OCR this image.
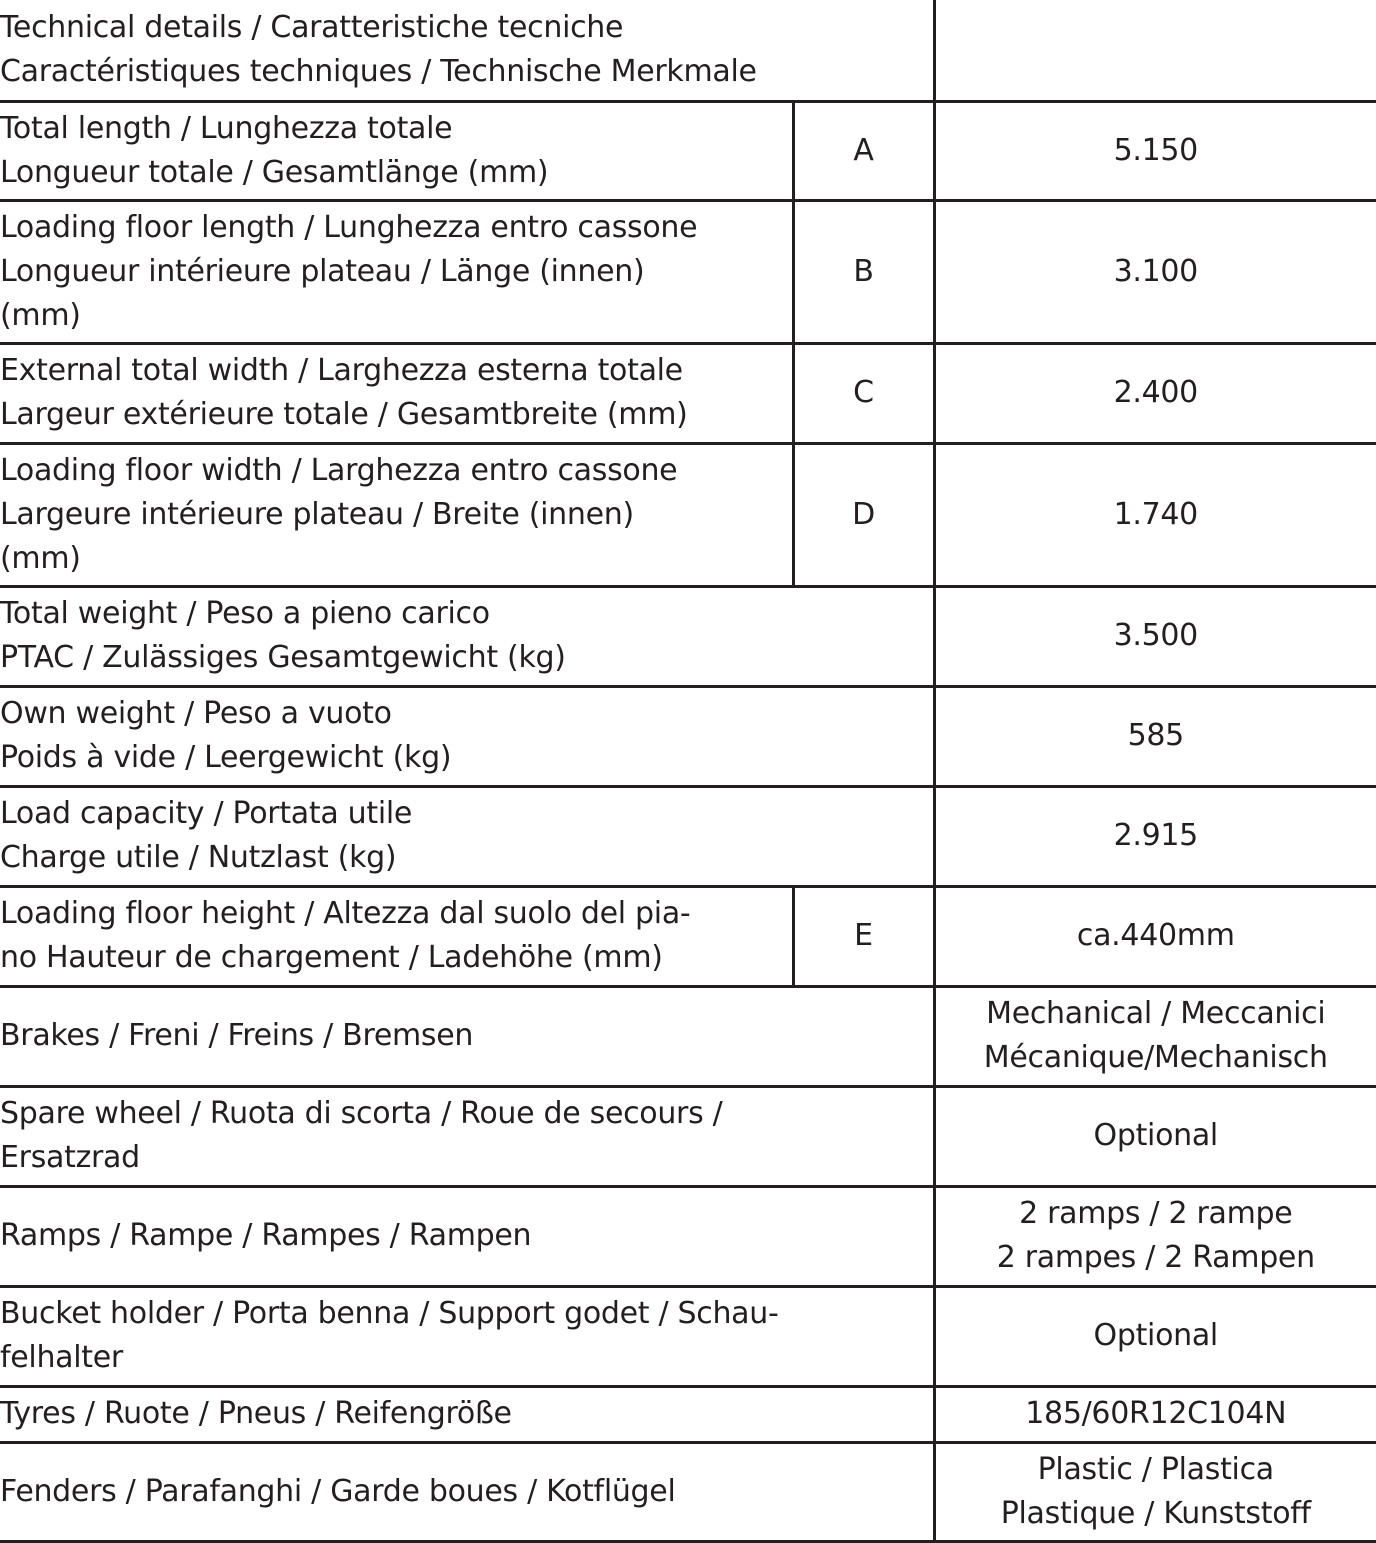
Technical details / Caratteristiche tecniche
Caractéristiques techniques / Technische Merkmale		

Total length / Lunghezza totale
Longueur totale / Gesamtlänge (mm)	A	5.150

Loading floor length / Lunghezza entro cassone
Longueur intérieure plateau / Länge (innen)
(mm)	B	3.100

External total width / Larghezza esterna totale
Largeur extérieure totale / Gesamtbreite (mm)	C	2.400

Loading floor width / Larghezza entro cassone
Largeure intérieure plateau / Breite (innen)
(mm)	D	1.740

Total weight / Peso a pieno carico
PTAC / Zulässiges Gesamtgewicht (kg)		3.500

Own weight / Peso a vuoto
Poids à vide / Leergewicht (kg)		585

Load capacity / Portata utile
Charge utile / Nutzlast (kg)		2.915

Loading floor height / Altezza dal suolo del pia-
no Hauteur de chargement / Ladehöhe (mm)	E	ca.440mm

Brakes / Freni / Freins / Bremsen		Mechanical / Meccanici
Mécanique/Mechanisch

Spare wheel / Ruota di scorta / Roue de secours /
Ersatzrad		Optional

Ramps / Rampe / Rampes / Rampen		2 ramps / 2 rampe
2 rampes / 2 Rampen

Bucket holder / Porta benna / Support godet / Schau-
felhalter		Optional

Tyres / Ruote / Pneus / Reifengröße		185/60R12C104N

Fenders / Parafanghi / Garde boues / Kotflügel		Plastic / Plastica
Plastique / Kunststoff
